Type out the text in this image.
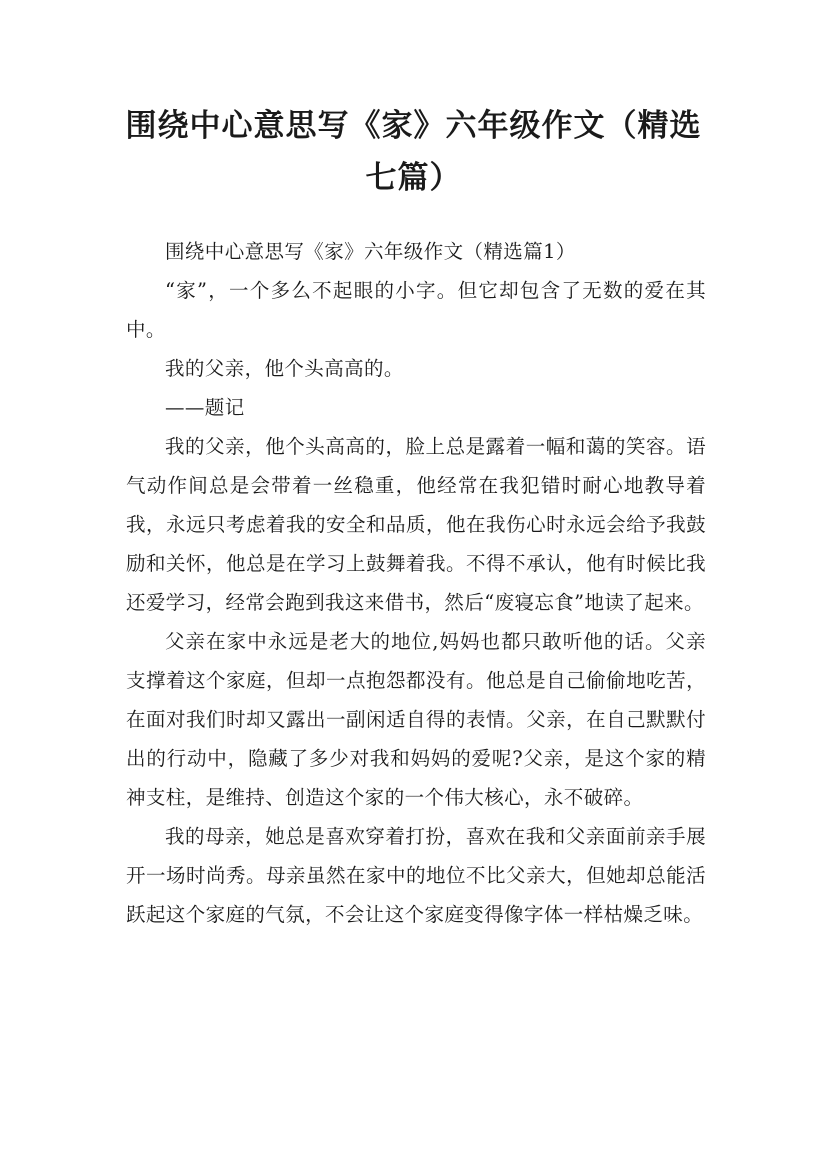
围绕中心意思写《家》六年级作文（精选七篇）

围绕中心意思写《家》六年级作文（精选篇1）

“家”，一个多么不起眼的小字。但它却包含了无数的爱在其中。

我的父亲，他个头高高的。

——题记

我的父亲，他个头高高的，脸上总是露着一幅和蔼的笑容。语气动作间总是会带着一丝稳重，他经常在我犯错时耐心地教导着我，永远只考虑着我的安全和品质，他在我伤心时永远会给予我鼓励和关怀，他总是在学习上鼓舞着我。不得不承认，他有时候比我还爱学习，经常会跑到我这来借书，然后“废寝忘食”地读了起来。

父亲在家中永远是老大的地位,妈妈也都只敢听他的话。父亲支撑着这个家庭，但却一点抱怨都没有。他总是自己偷偷地吃苦，在面对我们时却又露出一副闲适自得的表情。父亲，在自己默默付出的行动中，隐藏了多少对我和妈妈的爱呢?父亲，是这个家的精神支柱，是维持、创造这个家的一个伟大核心，永不破碎。

我的母亲，她总是喜欢穿着打扮，喜欢在我和父亲面前亲手展开一场时尚秀。母亲虽然在家中的地位不比父亲大，但她却总能活跃起这个家庭的气氛，不会让这个家庭变得像字体一样枯燥乏味。
